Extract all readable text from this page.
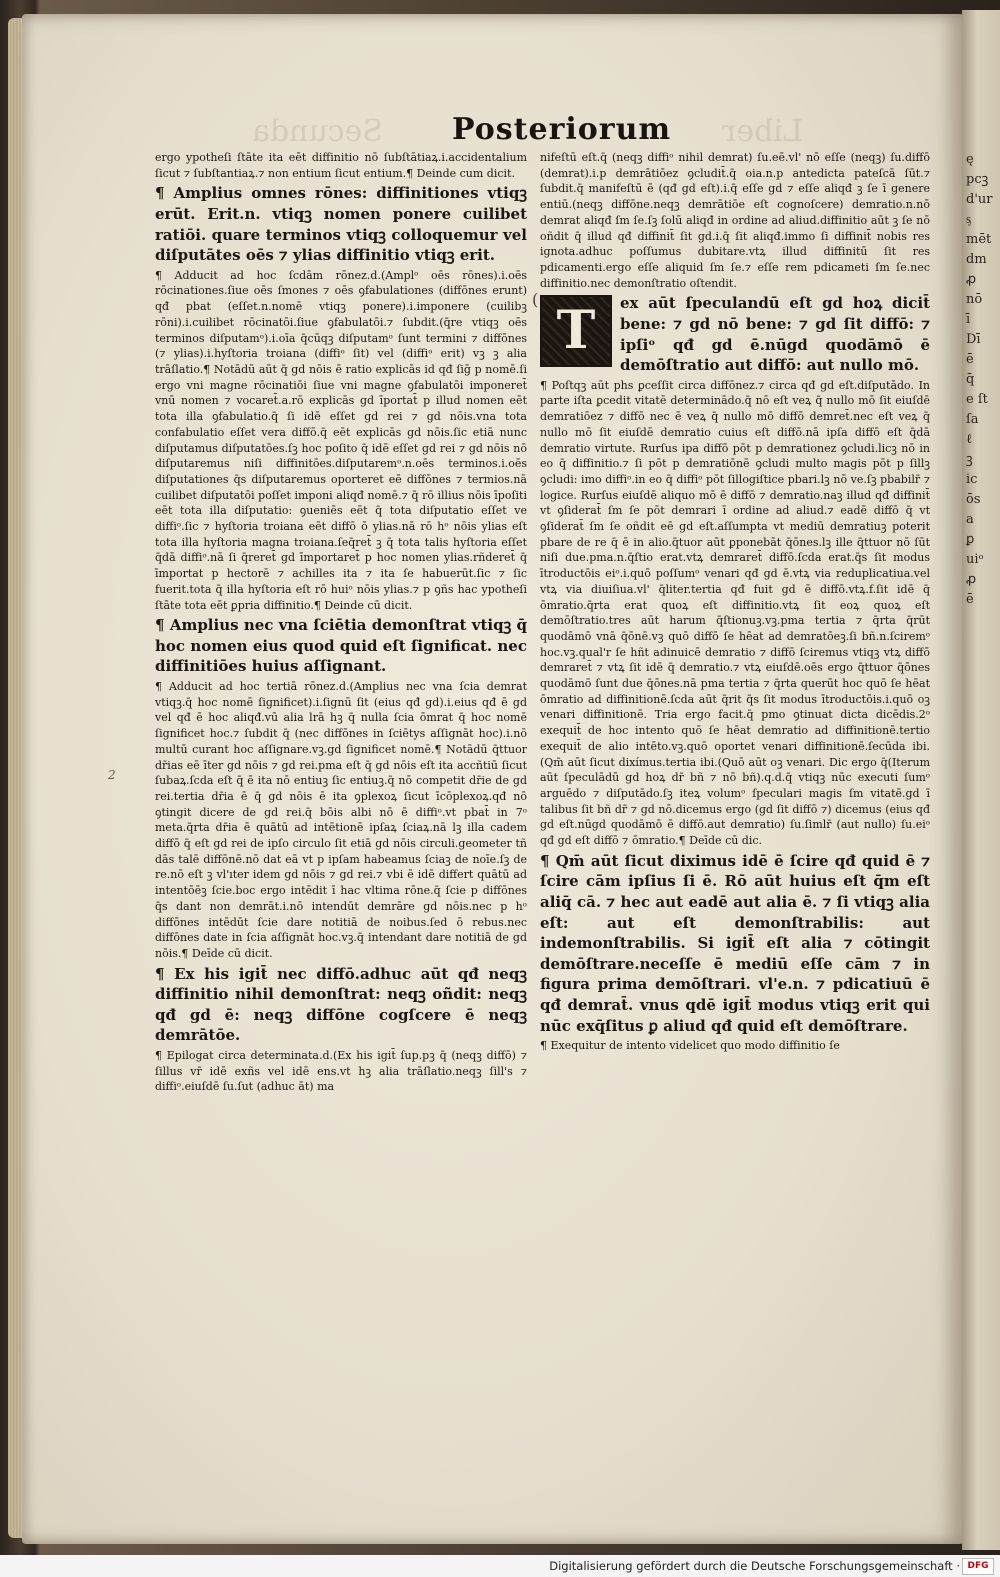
Secunda	Liber
ę
pcꝫ
d'ur
ᶊ
mēt
dm
ꝓ
nō
ī
Dī
ē
q̄
e ſt
ſa
ℓ
ꝫ
ic
ōs
a
ꝑ
uiᵒ
ꝓ
ē
Posteriorum
(
2

ergo ypotheſi ſtāte ita eēt diffinitio nō ſubſtātiaꝝ.i.accidentalium ſicut ⁊ ſubſtantiaꝝ.⁊ non entium ſicut entium.¶ Deinde cum dicit.

¶ Amplius omnes rōnes: diffinitiones vtiqꝫ erūt. Erit.n. vtiqꝫ nomen ponere cuilibet ratiōi. quare terminos vtiqꝫ colloquemur vel diſputātes oēs ⁊ ylias diffinitio vtiqꝫ erit.

¶ Adducit ad hoc ſcdām rōnez.d.(Amplᵒ oēs rōnes).i.oēs rōcinationes.ſiue oēs ſmones ⁊ oēs ꝯfabulationes (diffōnes erunt) qđ pbat (eſſet.n.nomē vtiqꝫ ponere).i.imponere (cuilibꝫ rōni).i.cuilibet rōcinatōi.ſiue ꝯfabulatōi.⁊ ſubdit.(q̄re vtiqꝫ oēs terminos diſputamᵒ).i.oīa q̄cūqꝫ diſputamᵒ ſunt termini ⁊ diffōnes (⁊ ylias).i.hyſtoria troiana (diffiᵒ ſit) vel (diffiᵒ erit) vꝫ ꝫ alia trāſlatio.¶ Notādū aūt q̄ gd nōis ē ratio explicās id qđ ſiḡ p nomē.ſi ergo vni magne rōcinatiōi ſiue vni magne ꝯfabulatōi imponeret̄ vnū nomen ⁊ vocaret̄.a.rō explicās gd īportat̄ p illud nomen eēt tota illa ꝯfabulatio.q̄ ſi idē eſſet gd rei ⁊ gd nōis.vna tota confabulatio eſſet vera diffō.q̄ eēt explicās gd nōis.ſic etiā nunc diſputamus diſputatōes.ſꝫ hoc poſito q̄ idē eſſet gd rei ⁊ gd nōis nō diſputaremus niſi diffinitōes.diſputaremᵒ.n.oēs terminos.i.oēs diſputationes q̄s diſputaremus oporteret eē diffōnes ⁊ termios.nā cuilibet diſputatōi poſſet imponi aliqđ nomē.⁊ q̄ rō illius nōis īpoſiti eēt tota illa diſputatio: ꝯueniēs eēt q̄ tota diſputatio eſſet ve diffiᵒ.ſic ⁊ hyſtoria troiana eēt diffō ō ylias.nā rō hᵒ nōis ylias eſt tota illa hyſtoria magna troiana.ſeq̄ret̄ ꝫ q̄ tota talis hyſtoria eſſet q̄dā diffiᵒ.nā ſi q̄reret̄ gd īmportaret̄ p hoc nomen ylias.rñderet̄ q̄ īmportat p hectorē ⁊ achilles ita ⁊ ita ſe habuerūt.ſic ⁊ ſic fuerit.tota q̄ illa hyſtoria eſt rō huiᵒ nōis ylias.⁊ p ꝯñs hac ypotheſi ſtāte tota eēt ꝑpria diffinitio.¶ Deinde cū dicit.

¶ Amplius nec vna ſciētia demonſtrat vtiqꝫ q̄ hoc nomen eius quod quid eſt ſignificat. nec diffinitiōes huius aſſignant.

¶ Adducit ad hoc tertiā rōnez.d.(Amplius nec vna ſcia demrat vtiqꝫ.q̄ hoc nomē ſignificet).i.ſignū ſit (eius qđ gd).i.eius qđ ē gd vel qđ ē hoc aliqđ.vū alia lrā hꝫ q̄ nulla ſcia ōmrat q̄ hoc nomē ſignificet hoc.⁊ ſubdit q̄ (nec diffōnes in ſciētys aſſignāt hoc).i.nō multū curant hoc aſſignare.vꝫ.gd ſignificet nomē.¶ Notādū q̄ttuor dr̄ias eē īter gd nōis ⁊ gd rei.pma eſt q̄ gd nōis eſt ita accñtiū ſicut ſubaꝝ.ſcda eſt q̄ ē ita nō entiuꝫ ſic entiuꝫ.q̄ nō competit dr̄ie de gd rei.tertia dr̄ia ē q̄ gd nōis ē ita ꝯplexoꝝ ſicut īcōplexoꝝ.qđ nō ꝯtingit dicere de gd rei.q̄ bōis albi nō ē diffiᵒ.vt pbat̄ in 7ᵒ meta.q̄rta dr̄ia ē quātū ad intētionē ipſaꝝ ſciaꝝ.nā lꝫ illa cadem diffō q̄ eſt gd rei de ipſo circulo ſit etiā gd nōis circuli.geometer tñ dās talē diffōnē.nō dat eā vt p ipſam habeamus ſciaꝫ de noīe.ſꝫ de re.nō eſt ꝫ vl'ıter idem gd nōis ⁊ gd rei.⁊ vbi ē idē differt quātū ad intentōēꝫ ſcie.boc ergo intēdit ī hac vltima rōne.q̄ ſcie p diffōnes q̄s dant non demrāt.i.nō intendūt demrāre gd nōis.nec p hᵒ diffōnes intēdūt ſcie dare notitiā de noibus.ſed ō rebus.nec diffōnes date in ſcia aſſignāt hoc.vꝫ.q̄ intendant dare notitiā de gd nōis.¶ Deīde cū dicit.

¶ Ex his igit̄ nec diffō.adhuc aūt qđ neqꝫ diffinitio nihil demonſtrat: neqꝫ oñdit: neqꝫ qđ gd ē: neqꝫ diffōne cogſcere ē neqꝫ demrātōe.

¶ Epilogat circa determinata.d.(Ex his igit̄ ſup.pꝫ q̄ (neqꝫ diffō) ⁊ ſillus vr̄ idē exñs vel idē ens.vt hꝫ alia trāſlatio.neqꝫ ſill's ⁊ diffiᵒ.eiuſdē ſu.ſut (adhuc āt) ma

nifeſtū eſt.q̄ (neqꝫ diffiᵒ nihil demrat) ſu.eē.vl' nō eſſe (neqꝫ) ſu.diffō (demrat).i.p demrātiōez ꝯcludit̄.q̄ oia.n.p antedicta pateſcā ſūt.⁊ ſubdit.q̄ manifeſtū ē (qđ gd eſt).i.q̄ eſſe gd ⁊ eſſe aliqđ ꝫ ſe ī genere entiū.(neqꝫ diffōne.neqꝫ demrātiōe eſt cognoſcere) demratio.n.nō demrat aliqđ ſm ſe.ſꝫ ſolū aliqđ in ordine ad aliud.diffinitio aūt ꝫ ſe nō oñdit q̄ illud qđ diffinit̄ ſit gd.i.q̄ ſit aliqđ.immo ſi diffinit̄ nobis res ignota.adhuc poſſumus dubitare.vtꝝ illud diffinitū ſit res pdicamenti.ergo eſſe aliquid ſm ſe.⁊ eſſe rem pdicameti ſm ſe.nec diffinitio.nec demonſtratio oſtendit.

T	ex aūt ſpeculandū eſt gd hoꝝ dicit̄ bene: ⁊ gd nō bene: ⁊ gd ſit diffō: ⁊ ipſiᵒ qđ gd ē.nūgd quodāmō ē demōſtratio aut diffō: aut nullo mō.

¶ Poſtqꝫ aūt phs ꝑceſſit circa diffōnez.⁊ circa qđ gd eſt.diſputādo. In parte iſta ꝑcedit vitatē determinādo.q̄ nō eſt veꝝ q̄ nullo mō ſit eiuſdē demratiōez ⁊ diffō nec ē veꝝ q̄ nullo mō diffō demret̄.nec eſt veꝝ q̄ nullo mō ſit eiuſdē demratio cuius eſt diffō.nā ipſa diffō eſt q̄dā demratio virtute. Rurſus ipa diffō pōt p demrationez ꝯcludi.licꝫ nō in eo q̄ diffinitio.⁊ ſi pōt p demratiōnē ꝯcludi multo magis pōt p ſillꝫ ꝯcludi: imo diffiᵒ.in eo q̄ diffiᵒ pōt ſillogiſtice pbari.lꝫ nō ve.ſꝫ pbabilr̄ ⁊ logice. Rurſus eiuſdē aliquo mō ē diffō ⁊ demratio.naꝫ illud qđ diffinit̄ vt ꝯſiderat̄ ſm ſe pōt demrari ī ordine ad aliud.⁊ eadē diffō q̄ vt ꝯſiderat̄ ſm ſe oñdit eē gd eſt.aſſumpta vt mediū demratiuꝫ poterit pbare de re q̄ ē in alio.q̄tuor aūt ꝑponebāt q̄ōnes.lꝫ ille q̄ttuor nō ſūt niſi due.pma.n.q̄ſtio erat.vtꝝ demraret̄ diffō.ſcda erat.q̄s ſit modus ītroductōis eiᵒ.i.quō poſſumᵒ venari qđ gd ē.vtꝝ via reduplicatiua.vel vtꝝ via diuiſiua.vl' q̄liter.tertia qđ fuit gd ē diffō.vtꝝ.f.ſit idē q̄ ōmratio.q̄rta erat quoꝝ eſt diffinitio.vtꝝ ſit eoꝝ quoꝝ eſt demōſtratio.tres aūt harum q̄ſtionuꝫ.vꝫ.pma tertia ⁊ q̄rta q̄rūt quodāmō vnā q̄ōnē.vꝫ quō diffō ſe hēat ad demratōeꝫ.ſi bñ.n.ſciremᵒ hoc.vꝫ.qual'r ſe hñt adinuicē demratio ⁊ diffō ſciremus vtiqꝫ vtꝝ diffō demraret̄ ⁊ vtꝝ ſit idē q̄ demratio.⁊ vtꝝ eiuſdē.oēs ergo q̄ttuor q̄ōnes quodāmō ſunt due q̄ōnes.nā pma tertia ⁊ q̄rta querūt hoc quō ſe hēat ōmratio ad diffinitionē.ſcda aūt q̄rit q̄s ſit modus ītroductōis.i.quō oꝫ venari diffinitionē. Tria ergo facit.q̄ pmo ꝯtinuat dicta dicēdis.2ᵒ exequit̄ de hoc intento quō ſe hēat demratio ad diffinitionē.tertio exequit̄ de alio intēto.vꝫ.quō oportet venari diffinitionē.ſecūda ibi.(Qm̄ aūt ſicut dixímus.tertia ibi.(Quō aūt oꝫ venari. Dic ergo q̄(Iterum aūt ſpeculādū gd hoꝝ dr̄ bñ ⁊ nō bñ).q.d.q̄ vtiqꝫ nūc executi ſumᵒ arguēdo ⁊ diſputādo.ſꝫ iteꝝ volumᵒ ſpeculari magis ſm vitatē.gd ī talibus ſit bñ dr̄ ⁊ gd nō.dicemus ergo (gd ſit diffō ⁊) dicemus (eius qđ gd eſt.nūgd quodāmō ē diffō.aut demratio) ſu.ſimlr̄ (aut nullo) ſu.eiᵒ qđ gd eſt diffō ⁊ ōmratio.¶ Deīde cū dic.

¶ Qm̄ aūt ſicut diximus idē ē ſcire qđ quid ē ⁊ ſcire cām ipſius ſi ē. Rō aūt huius eſt q̄m eſt aliq̄ cā. ⁊ hec aut eadē aut alia ē. ⁊ ſi vtiqꝫ alia eſt: aut eſt demonſtrabilis: aut indemonſtrabilis. Si igit̄ eſt alia ⁊ cōtingit demōſtrare.neceſſe ē mediū eſſe cām ⁊ in figura prima demōſtrari. vl'e.n. ⁊ pdicatiuū ē qđ demrat̄. vnus qdē igit̄ modus vtiqꝫ erit qui nūc exq̄ſitus ꝑ aliud qđ quid eſt demōſtrare.

¶ Exequitur de intento videlicet quo modo diffinitio ſe

Digitalisierung gefördert durch die Deutsche Forschungsgemeinschaft · DFG
